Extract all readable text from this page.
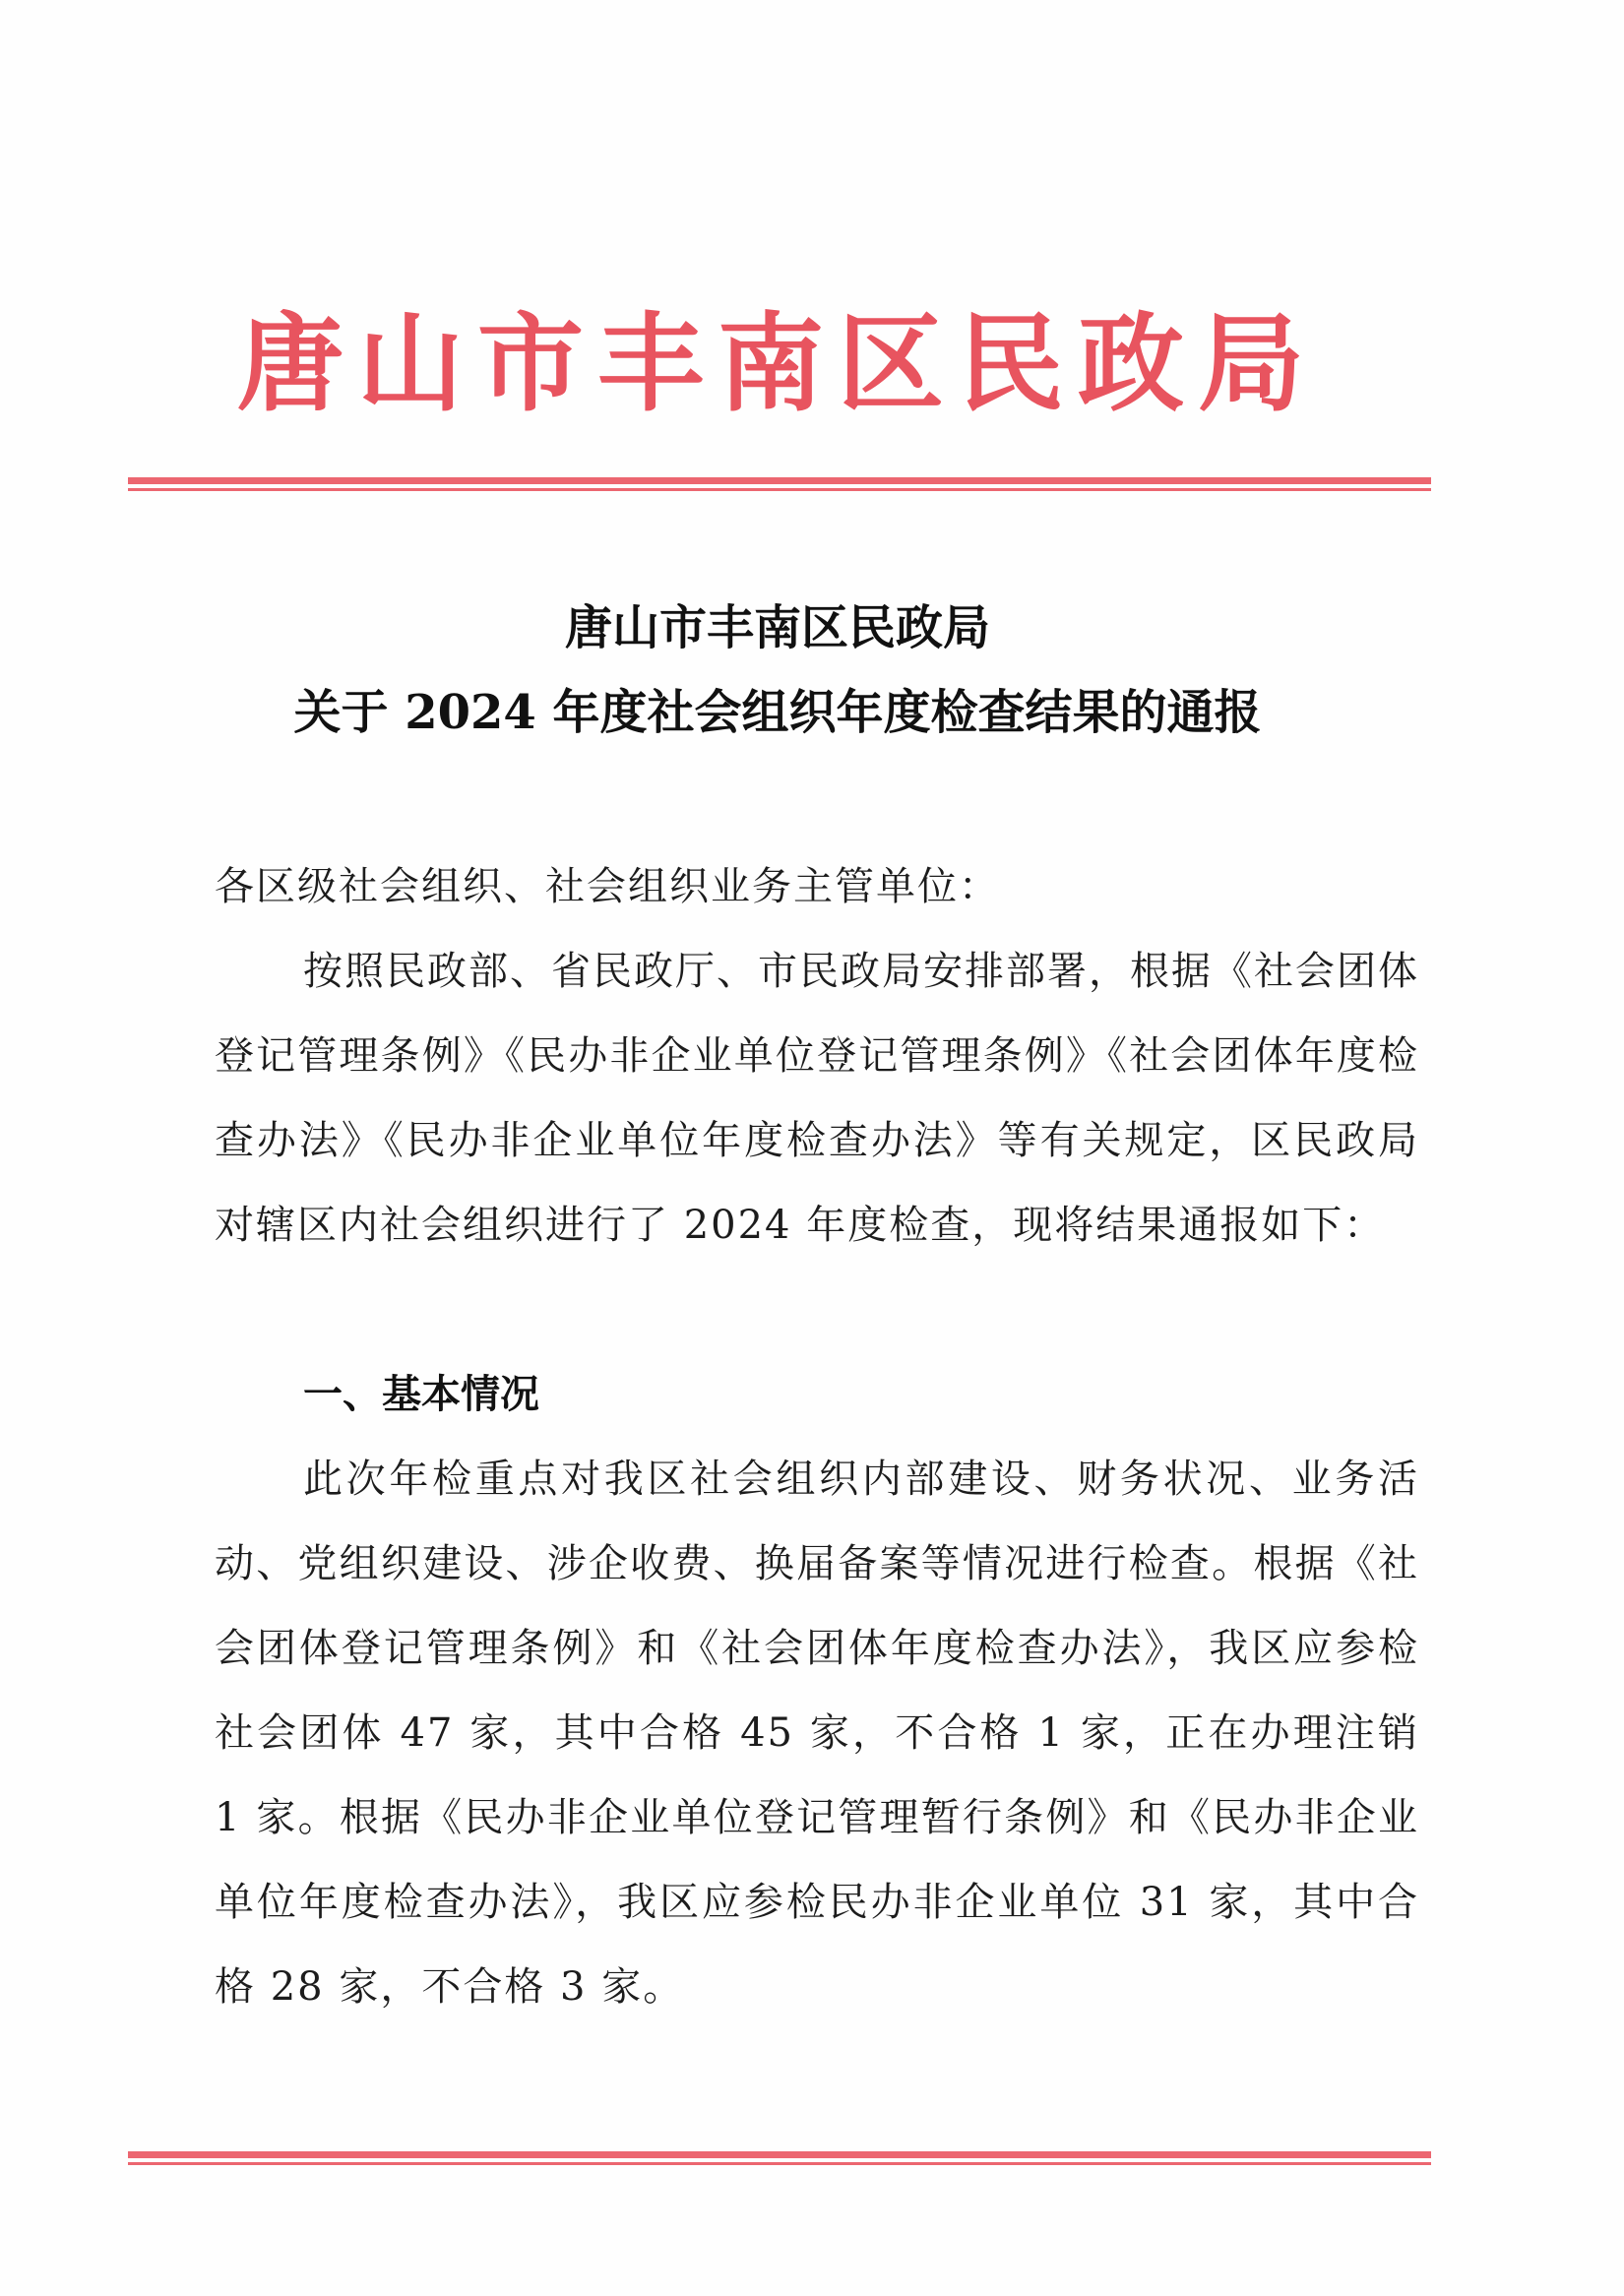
唐山市丰南区民政局
唐山市丰南区民政局
关于 2024 年度社会组织年度检查结果的通报
各区级社会组织、社会组织业务主管单位：

按照民政部、省民政厅、市民政局安排部署，根据《社会团体登记管理条例》《民办非企业单位登记管理条例》《社会团体年度检查办法》《民办非企业单位年度检查办法》等有关规定，区民政局对辖区内社会组织进行了 2024 年度检查，现将结果通报如下：

一、基本情况

此次年检重点对我区社会组织内部建设、财务状况、业务活动、党组织建设、涉企收费、换届备案等情况进行检查。根据《社会团体登记管理条例》和《社会团体年度检查办法》，我区应参检社会团体 47 家，其中合格 45 家，不合格 1 家，正在办理注销 1 家。根据《民办非企业单位登记管理暂行条例》和《民办非企业单位年度检查办法》，我区应参检民办非企业单位 31 家，其中合格 28 家，不合格 3 家。
